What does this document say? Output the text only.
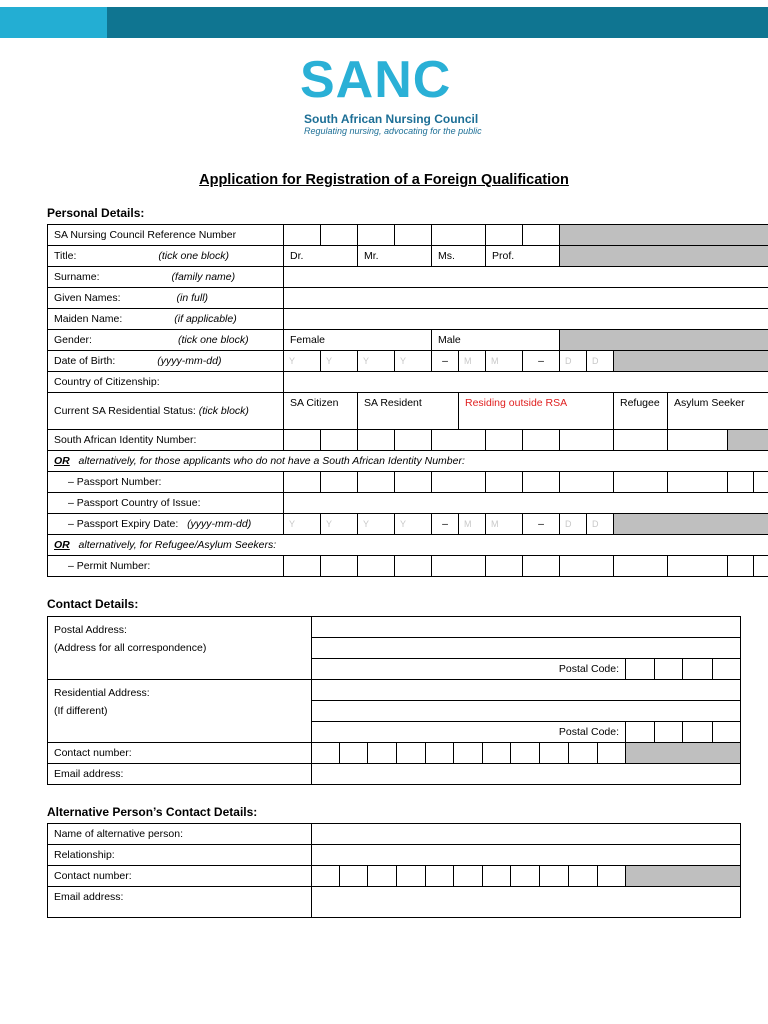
SANC
South African Nursing Council
Regulating nursing, advocating for the public
Application for Registration of a Foreign Qualification
Personal Details:
SA Nursing Council Reference Number														
Title: (tick one block)	Dr.		Mr.		Ms.		Prof.							
Surname: (family name)														
Given Names: (in full)														
Maiden Name: (if applicable)														
Gender: (tick one block)	Female				Male									
Date of Birth: (yyyy-mm-dd)	Y	Y	Y	Y	–	M	M	–	D	D				
Country of Citizenship:														
Current SA Residential Status: (tick block)	SA Citizen		SA Resident			Residing outside RSA					Refugee	Asylum Seeker		
South African Identity Number:														
OR alternatively, for those applicants who do not have a South African Identity Number:														
– Passport Number:														
– Passport Country of Issue:														
– Passport Expiry Date: (yyyy-mm-dd)	Y	Y	Y	Y	–	M	M	–	D	D				
OR alternatively, for Refugee/Asylum Seekers:														
– Permit Number:														
Contact Details:
Postal Address:
(Address for all correspondence)															

	Postal Code:														
Residential Address:
(If different)															

	Postal Code:														
Contact number:															
Email address:															
Alternative Person’s Contact Details:
Name of alternative person:												
Relationship:												
Contact number:												
Email address:												
